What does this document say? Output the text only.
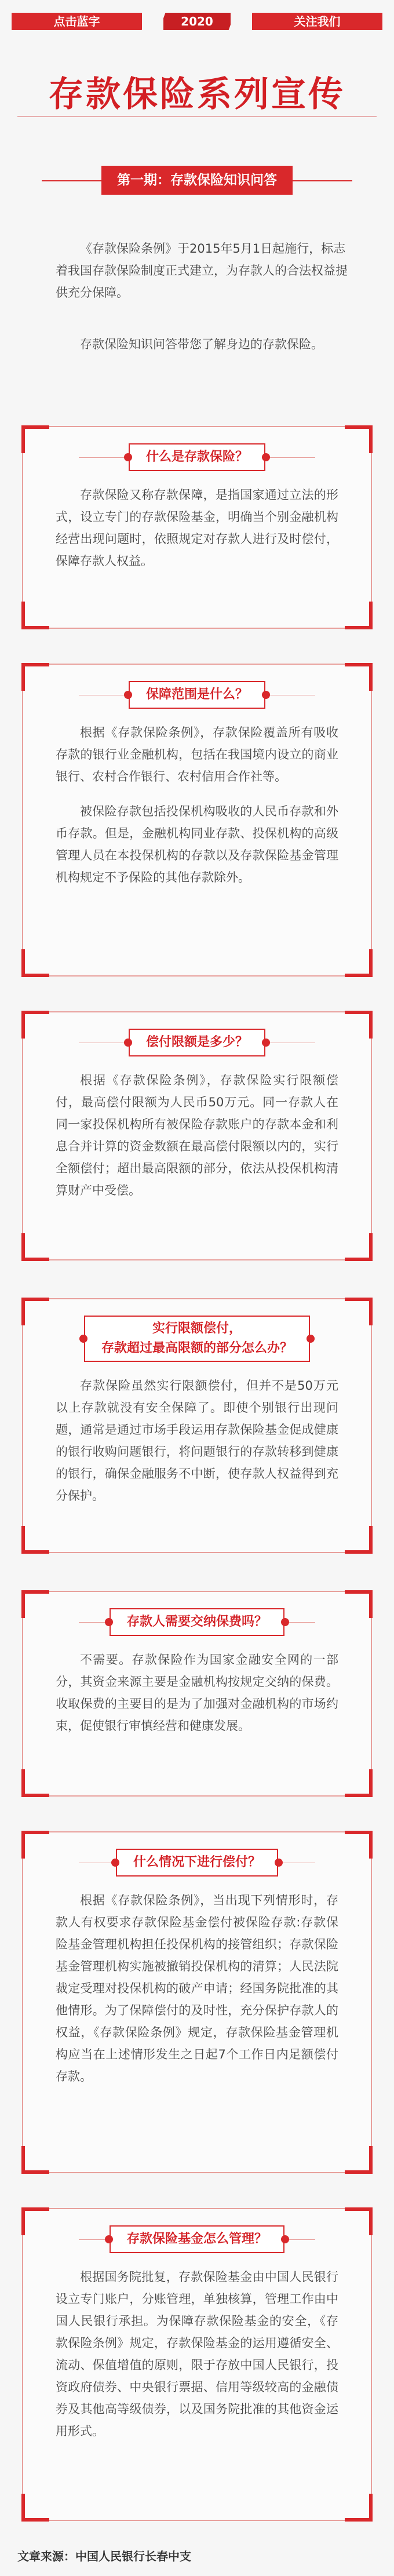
点击蓝字	2020	关注我们
存款保险系列宣传
第一期：存款保险知识问答

《存款保险条例》于2015年5月1日起施行，标志着我国存款保险制度正式建立，为存款人的合法权益提供充分保障。

存款保险知识问答带您了解身边的存款保险。

什么是存款保险？

存款保险又称存款保障，是指国家通过立法的形式，设立专门的存款保险基金，明确当个别金融机构经营出现问题时，依照规定对存款人进行及时偿付，保障存款人权益。

保障范围是什么？

根据《存款保险条例》，存款保险覆盖所有吸收存款的银行业金融机构，包括在我国境内设立的商业银行、农村合作银行、农村信用合作社等。

被保险存款包括投保机构吸收的人民币存款和外币存款。但是，金融机构同业存款、投保机构的高级管理人员在本投保机构的存款以及存款保险基金管理机构规定不予保险的其他存款除外。

偿付限额是多少？

根据《存款保险条例》，存款保险实行限额偿付，最高偿付限额为人民币50万元。同一存款人在同一家投保机构所有被保险存款账户的存款本金和利息合并计算的资金数额在最高偿付限额以内的，实行全额偿付；超出最高限额的部分，依法从投保机构清算财产中受偿。

实行限额偿付，
存款超过最高限额的部分怎么办？

存款保险虽然实行限额偿付，但并不是50万元以上存款就没有安全保障了。即使个别银行出现问题，通常是通过市场手段运用存款保险基金促成健康的银行收购问题银行，将问题银行的存款转移到健康的银行，确保金融服务不中断，使存款人权益得到充分保护。

存款人需要交纳保费吗？

不需要。存款保险作为国家金融安全网的一部分，其资金来源主要是金融机构按规定交纳的保费。收取保费的主要目的是为了加强对金融机构的市场约束，促使银行审慎经营和健康发展。

什么情况下进行偿付？

根据《存款保险条例》，当出现下列情形时，存款人有权要求存款保险基金偿付被保险存款:存款保险基金管理机构担任投保机构的接管组织；存款保险基金管理机构实施被撤销投保机构的清算；人民法院裁定受理对投保机构的破产申请；经国务院批准的其他情形。为了保障偿付的及时性，充分保护存款人的权益，《存款保险条例》规定，存款保险基金管理机构应当在上述情形发生之日起7个工作日内足额偿付存款。

存款保险基金怎么管理？

根据国务院批复，存款保险基金由中国人民银行设立专门账户，分账管理，单独核算，管理工作由中国人民银行承担。为保障存款保险基金的安全，《存款保险条例》规定，存款保险基金的运用遵循安全、流动、保值增值的原则，限于存放中国人民银行，投资政府债券、中央银行票据、信用等级较高的金融债券及其他高等级债券，以及国务院批准的其他资金运用形式。

文章来源：中国人民银行长春中支
